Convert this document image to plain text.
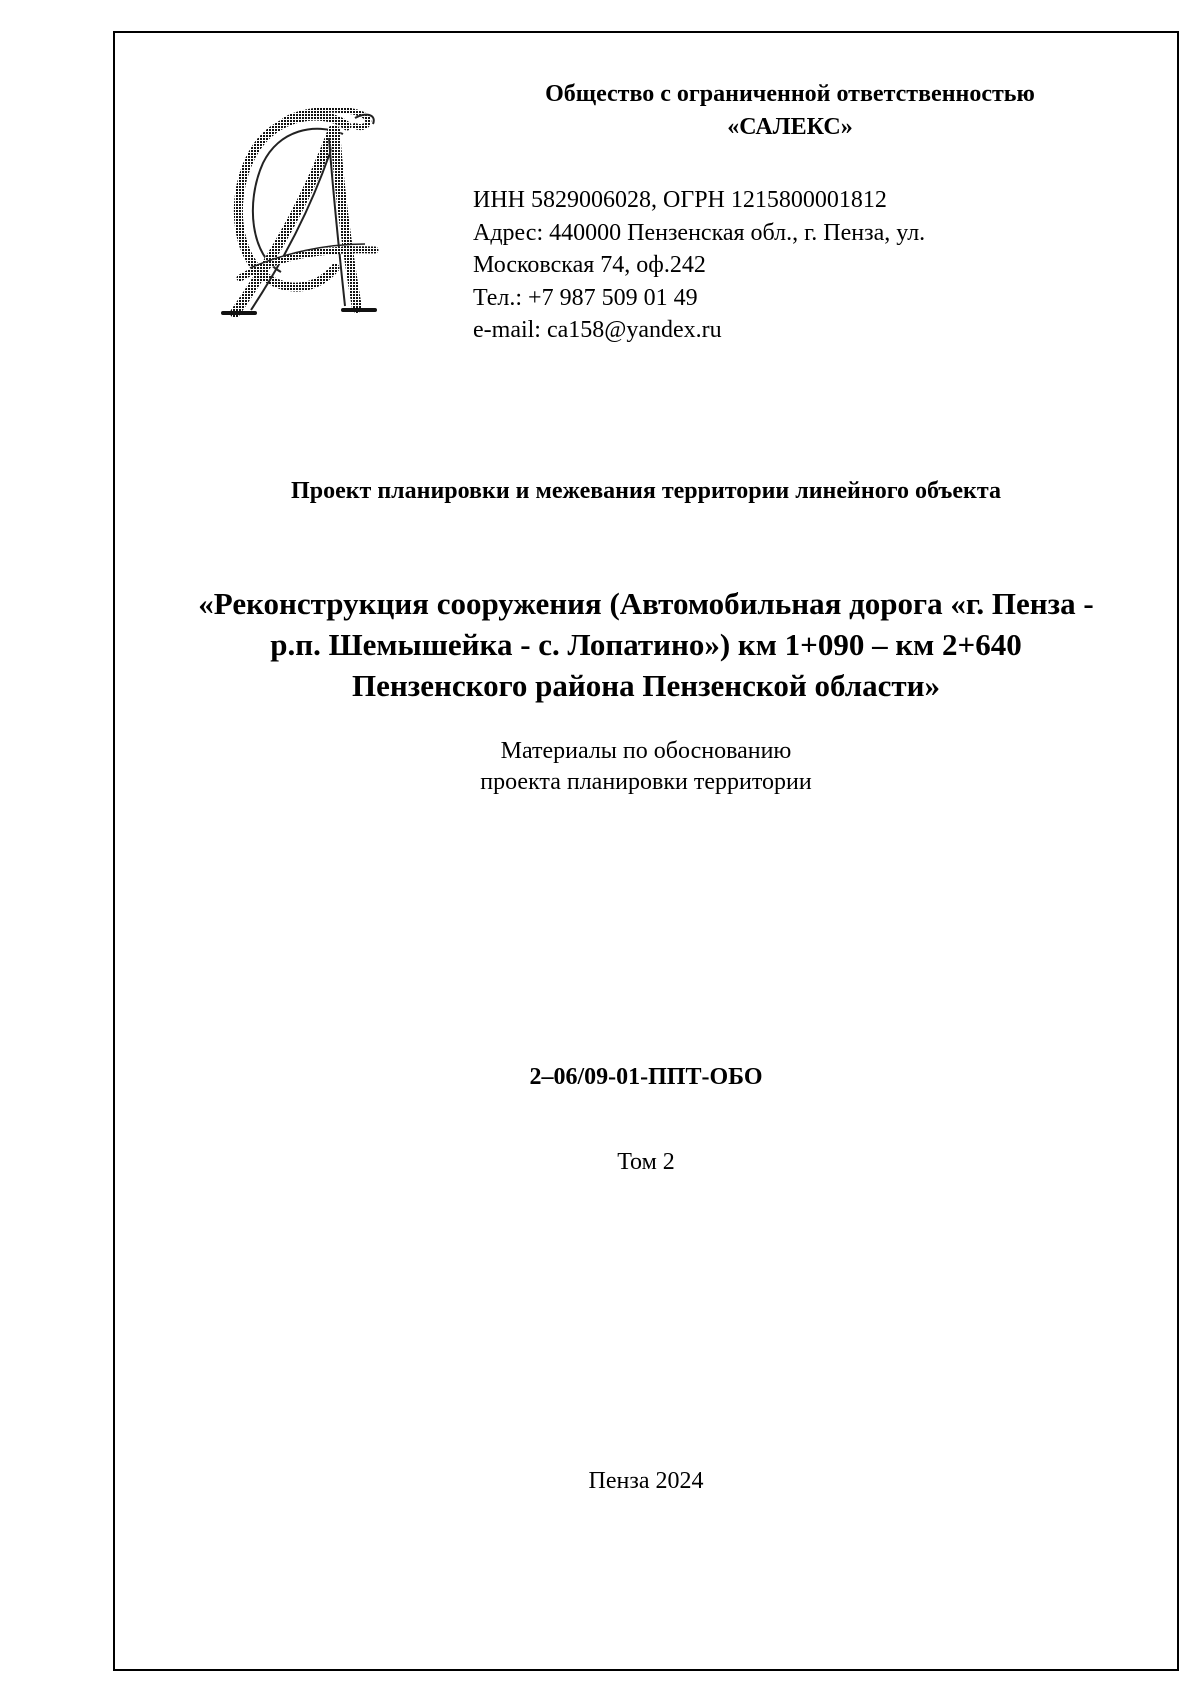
Общество с ограниченной ответственностью
«САЛЕКС»
ИНН 5829006028, ОГРН 1215800001812
Адрес: 440000 Пензенская обл., г. Пенза, ул.
Московская 74, оф.242
Тел.: +7 987 509 01 49
e-mail: ca158@yandex.ru
Проект планировки и межевания территории линейного объекта
«Реконструкция сооружения (Автомобильная дорога «г. Пенза -
р.п. Шемышейка - с. Лопатино») км 1+090 – км 2+640
Пензенского района Пензенской области»
Материалы по обоснованию
проекта планировки территории
2–06/09-01-ППТ-ОБО
Том 2
Пенза 2024
